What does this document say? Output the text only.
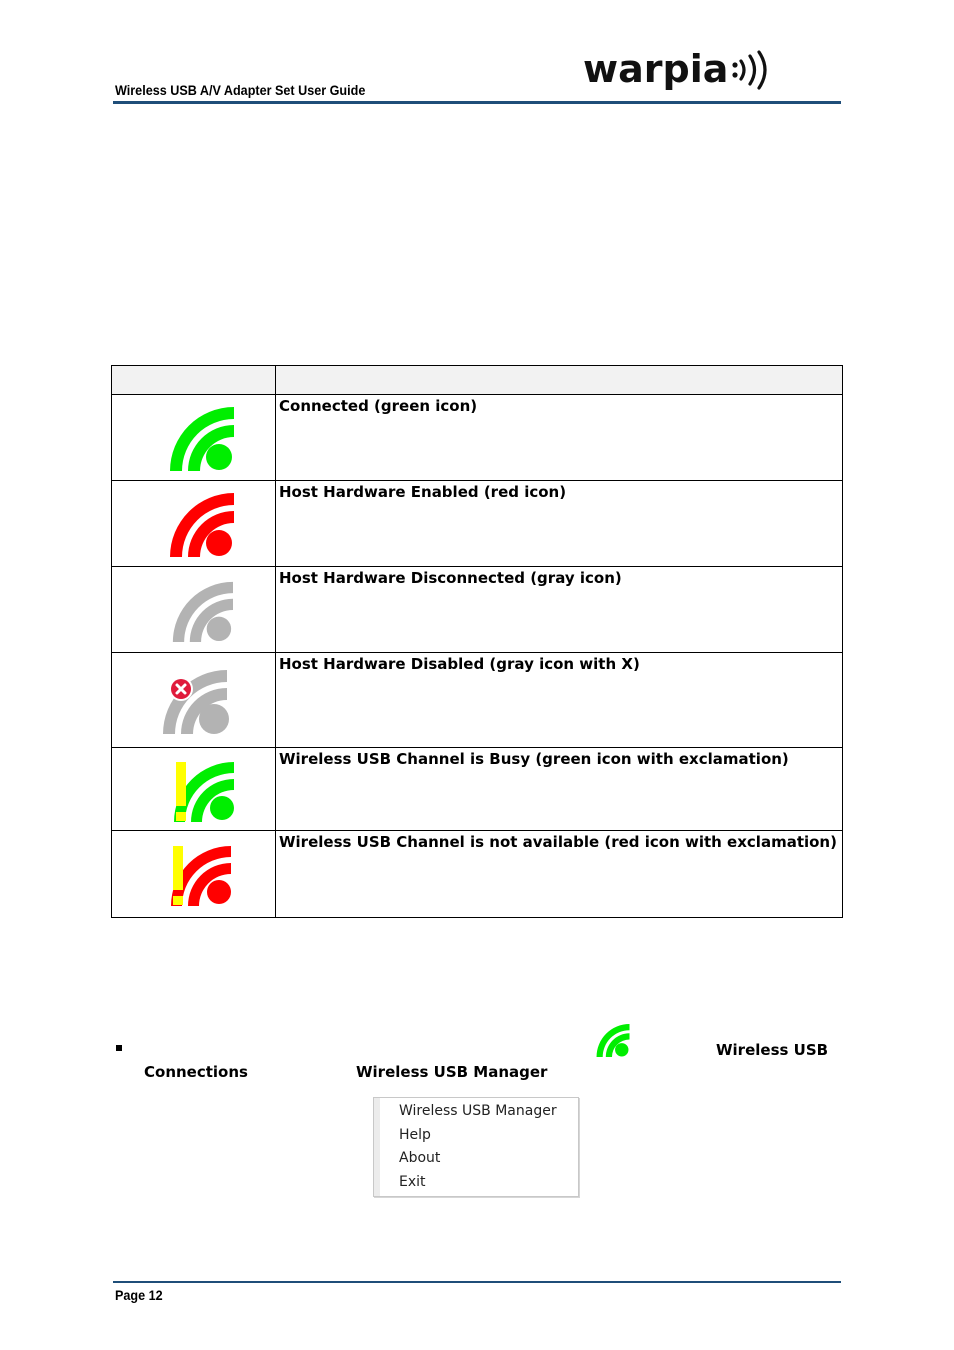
Wireless USB A/V Adapter Set User Guide	warpia

	Connected (green icon)

	Host Hardware Enabled (red icon)

	Host Hardware Disconnected (gray icon)

	Host Hardware Disabled (gray icon with X)

	Wireless USB Channel is Busy (green icon with exclamation)

	Wireless USB Channel is not available (red icon with exclamation)
Wireless USB
Connections	Wireless USB Manager
Wireless USB Manager
Help
About
Exit
Page 12
